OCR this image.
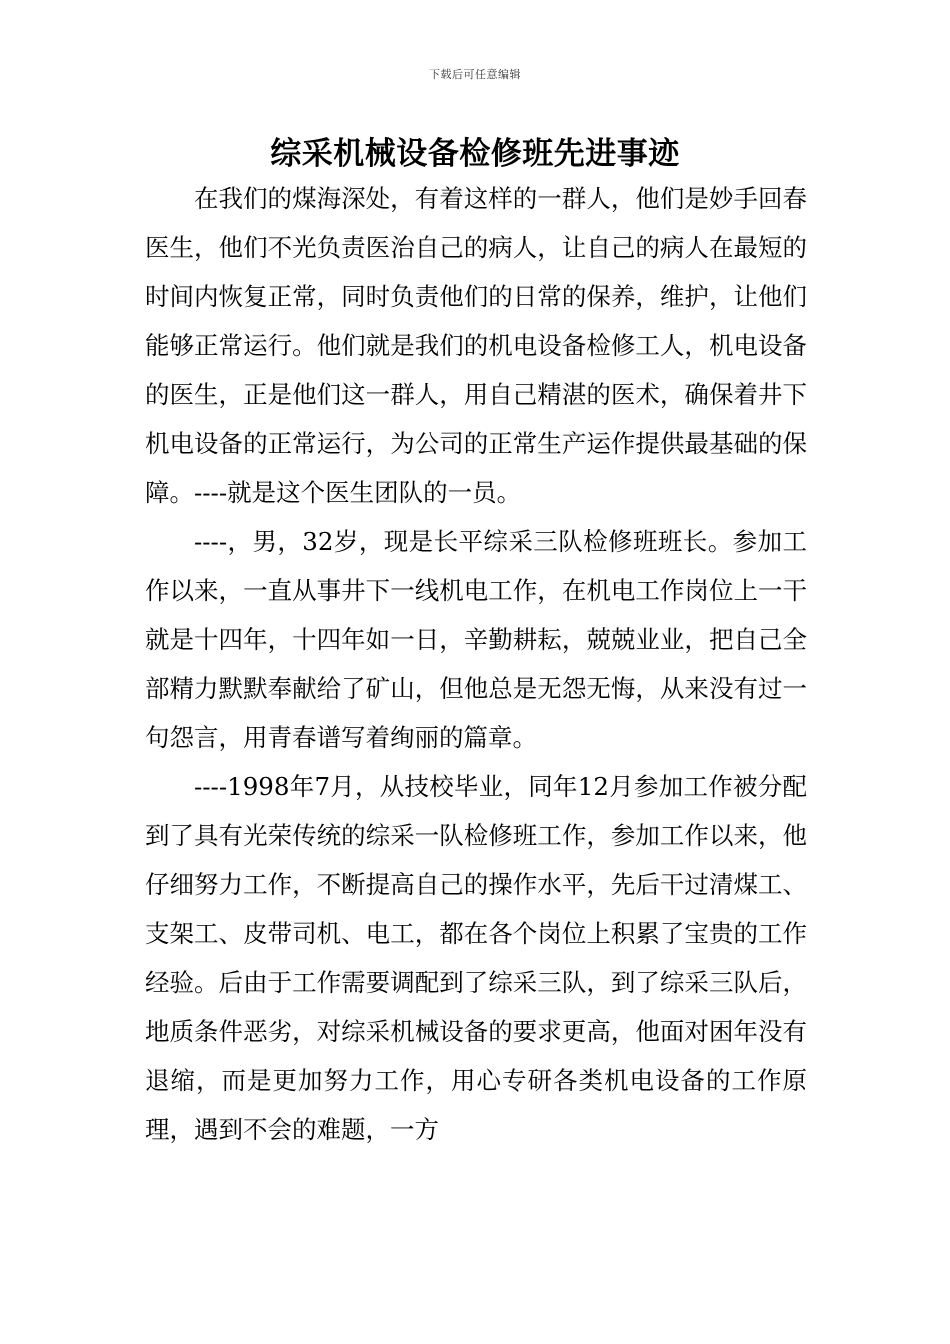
下载后可任意编辑
综采机械设备检修班先进事迹

在我们的煤海深处，有着这样的一群人，他们是妙手回春医生，他们不光负责医治自己的病人，让自己的病人在最短的时间内恢复正常，同时负责他们的日常的保养，维护，让他们能够正常运行。他们就是我们的机电设备检修工人，机电设备的医生，正是他们这一群人，用自己精湛的医术，确保着井下机电设备的正常运行，为公司的正常生产运作提供最基础的保障。----就是这个医生团队的一员。

----，男，32岁，现是长平综采三队检修班班长。参加工作以来，一直从事井下一线机电工作，在机电工作岗位上一干就是十四年，十四年如一日，辛勤耕耘，兢兢业业，把自己全部精力默默奉献给了矿山，但他总是无怨无悔，从来没有过一句怨言，用青春谱写着绚丽的篇章。

----1998年7月，从技校毕业，同年12月参加工作被分配到了具有光荣传统的综采一队检修班工作，参加工作以来，他仔细努力工作，不断提高自己的操作水平，先后干过清煤工、支架工、皮带司机、电工，都在各个岗位上积累了宝贵的工作经验。后由于工作需要调配到了综采三队，到了综采三队后，地质条件恶劣，对综采机械设备的要求更高，他面对困年没有退缩，而是更加努力工作，用心专研各类机电设备的工作原理，遇到不会的难题，一方
